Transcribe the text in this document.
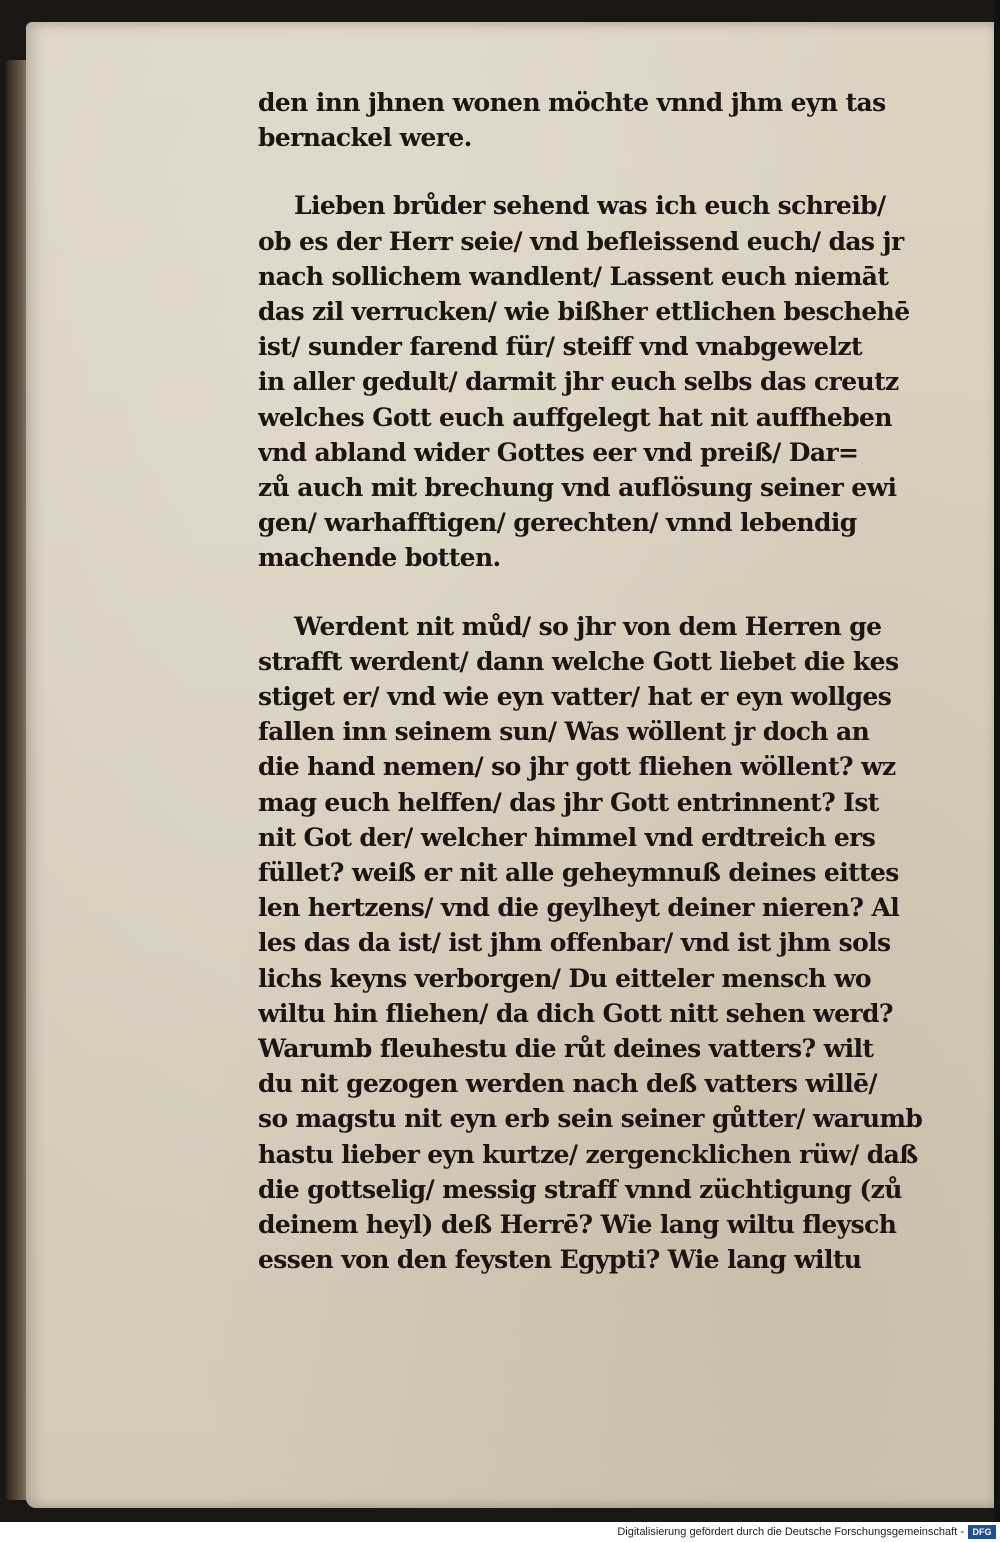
den inn jhnen wonen möchte vnnd jhm eyn tas
bernackel were.
Lieben brůder sehend was ich euch schreib/
ob es der Herr seie/ vnd befleissend euch/ das jr
nach sollichem wandlent/ Lassent euch niemāt
das zil verrucken/ wie bißher ettlichen beschehē
ist/ sunder farend für/ steiff vnd vnabgewelzt
in aller gedult/ darmit jhr euch selbs das creutz
welches Gott euch auffgelegt hat nit auffheben
vnd abland wider Gottes eer vnd preiß/ Dar=
zů auch mit brechung vnd auflösung seiner ewi
gen/ warhafftigen/ gerechten/ vnnd lebendig
machende botten.
Werdent nit můd/ so jhr von dem Herren ge
strafft werdent/ dann welche Gott liebet die kes
stiget er/ vnd wie eyn vatter/ hat er eyn wollges
fallen inn seinem sun/ Was wöllent jr doch an
die hand nemen/ so jhr gott fliehen wöllent? wz
mag euch helffen/ das jhr Gott entrinnent? Ist
nit Got der/ welcher himmel vnd erdtreich ers
füllet? weiß er nit alle geheymnuß deines eittes
len hertzens/ vnd die geylheyt deiner nieren? Al
les das da ist/ ist jhm offenbar/ vnd ist jhm sols
lichs keyns verborgen/ Du eitteler mensch wo
wiltu hin fliehen/ da dich Gott nitt sehen werd?
Warumb fleuhestu die růt deines vatters? wilt
du nit gezogen werden nach deß vatters willē/
so magstu nit eyn erb sein seiner gůtter/ warumb
hastu lieber eyn kurtze/ zergencklichen rüw/ daß
die gottselig/ messig straff vnnd züchtigung (zů
deinem heyl) deß Herrē? Wie lang wiltu fleysch
essen von den feysten Egypti? Wie lang wiltu
Digitalisierung gefördert durch die Deutsche Forschungsgemeinschaft - DFG
